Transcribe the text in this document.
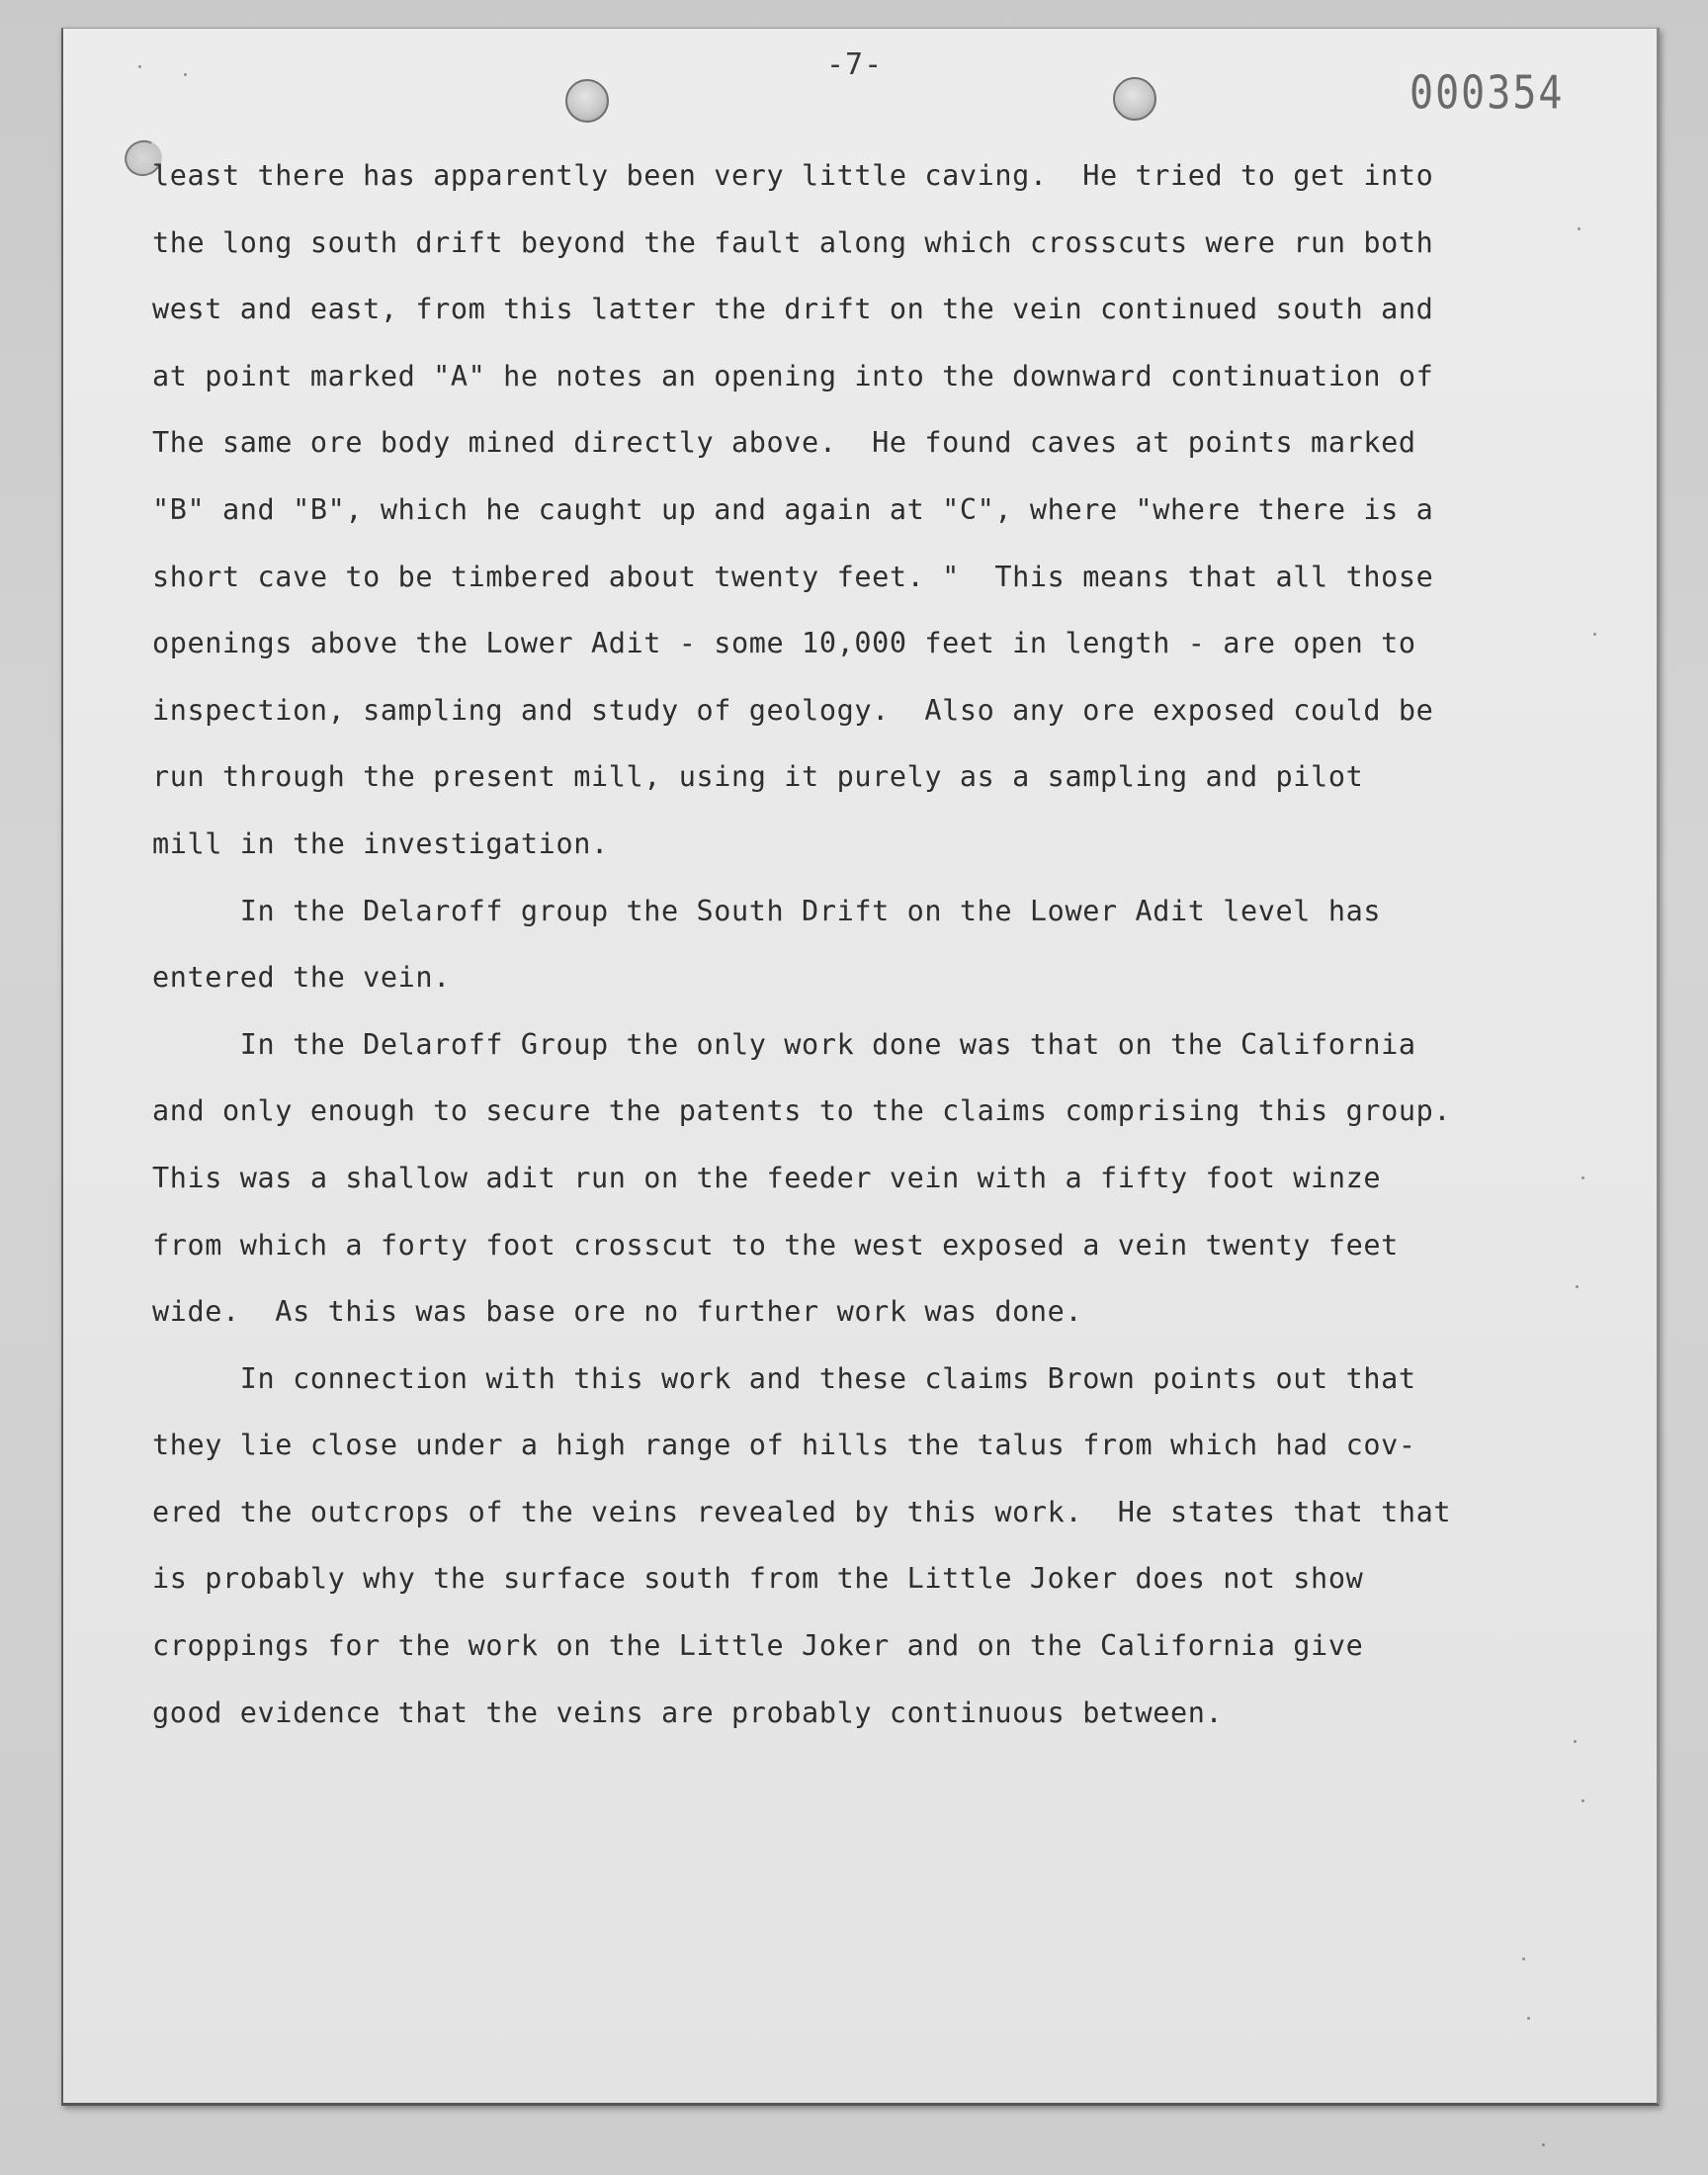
-7-
000354
least there has apparently been very little caving.  He tried to get into
the long south drift beyond the fault along which crosscuts were run both
west and east, from this latter the drift on the vein continued south and
at point marked "A" he notes an opening into the downward continuation of
The same ore body mined directly above.  He found caves at points marked
"B" and "B", which he caught up and again at "C", where "where there is a
short cave to be timbered about twenty feet. "  This means that all those
openings above the Lower Adit - some 10,000 feet in length - are open to
inspection, sampling and study of geology.  Also any ore exposed could be
run through the present mill, using it purely as a sampling and pilot
mill in the investigation.
In the Delaroff group the South Drift on the Lower Adit level has
entered the vein.
In the Delaroff Group the only work done was that on the California
and only enough to secure the patents to the claims comprising this group.
This was a shallow adit run on the feeder vein with a fifty foot winze
from which a forty foot crosscut to the west exposed a vein twenty feet
wide.  As this was base ore no further work was done.
In connection with this work and these claims Brown points out that
they lie close under a high range of hills the talus from which had cov-
ered the outcrops of the veins revealed by this work.  He states that that
is probably why the surface south from the Little Joker does not show
croppings for the work on the Little Joker and on the California give
good evidence that the veins are probably continuous between.
